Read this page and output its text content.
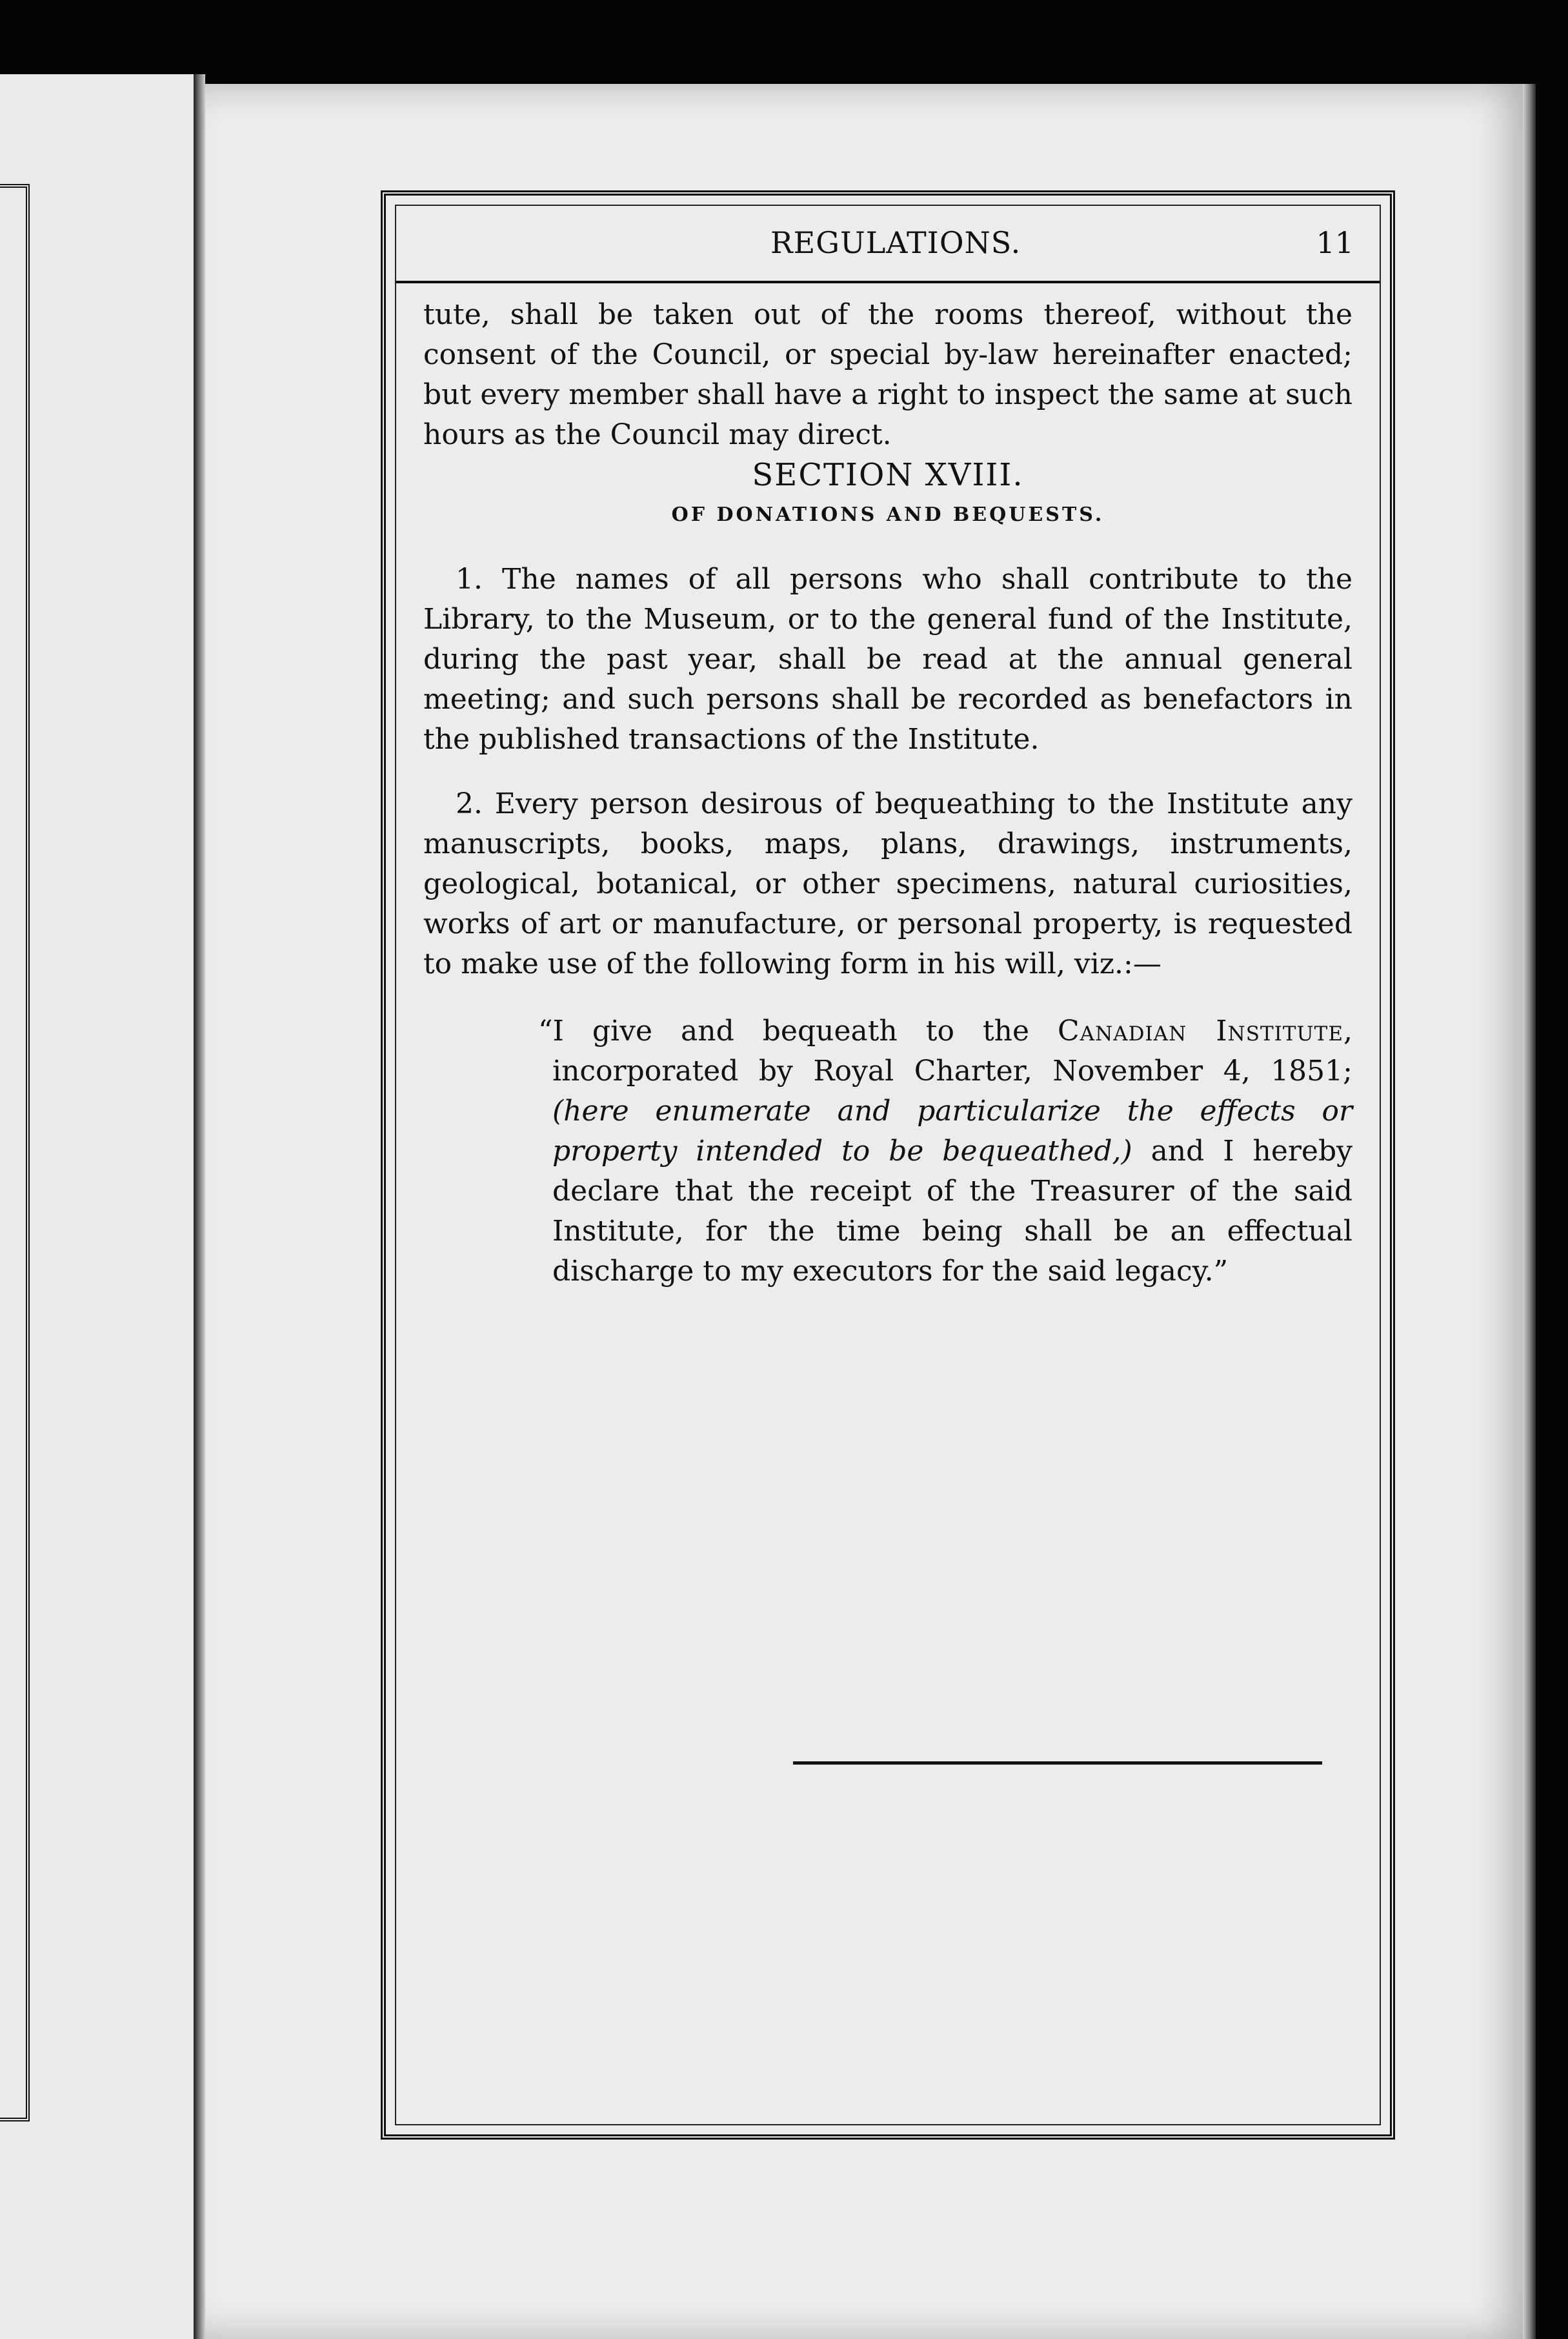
REGULATIONS.	11

tute, shall be taken out of the rooms thereof, without the consent of the Council, or special by-law hereinafter enacted; but every member shall have a right to inspect the same at such hours as the Council may direct.

SECTION XVIII.

OF DONATIONS AND BEQUESTS.

1. The names of all persons who shall contribute to the Library, to the Museum, or to the general fund of the Institute, during the past year, shall be read at the annual general meeting; and such persons shall be recorded as benefactors in the published transactions of the Institute.

2. Every person desirous of bequeathing to the Institute any manuscripts, books, maps, plans, drawings, instruments, geological, botanical, or other specimens, natural curiosities, works of art or manufacture, or personal property, is requested to make use of the following form in his will, viz.:—

“I give and bequeath to the Canadian Institute, incorporated by Royal Charter, November 4, 1851; (here enumerate and particularize the effects or property intended to be bequeathed,) and I hereby declare that the receipt of the Treasurer of the said Institute, for the time being shall be an effectual discharge to my executors for the said legacy.”
